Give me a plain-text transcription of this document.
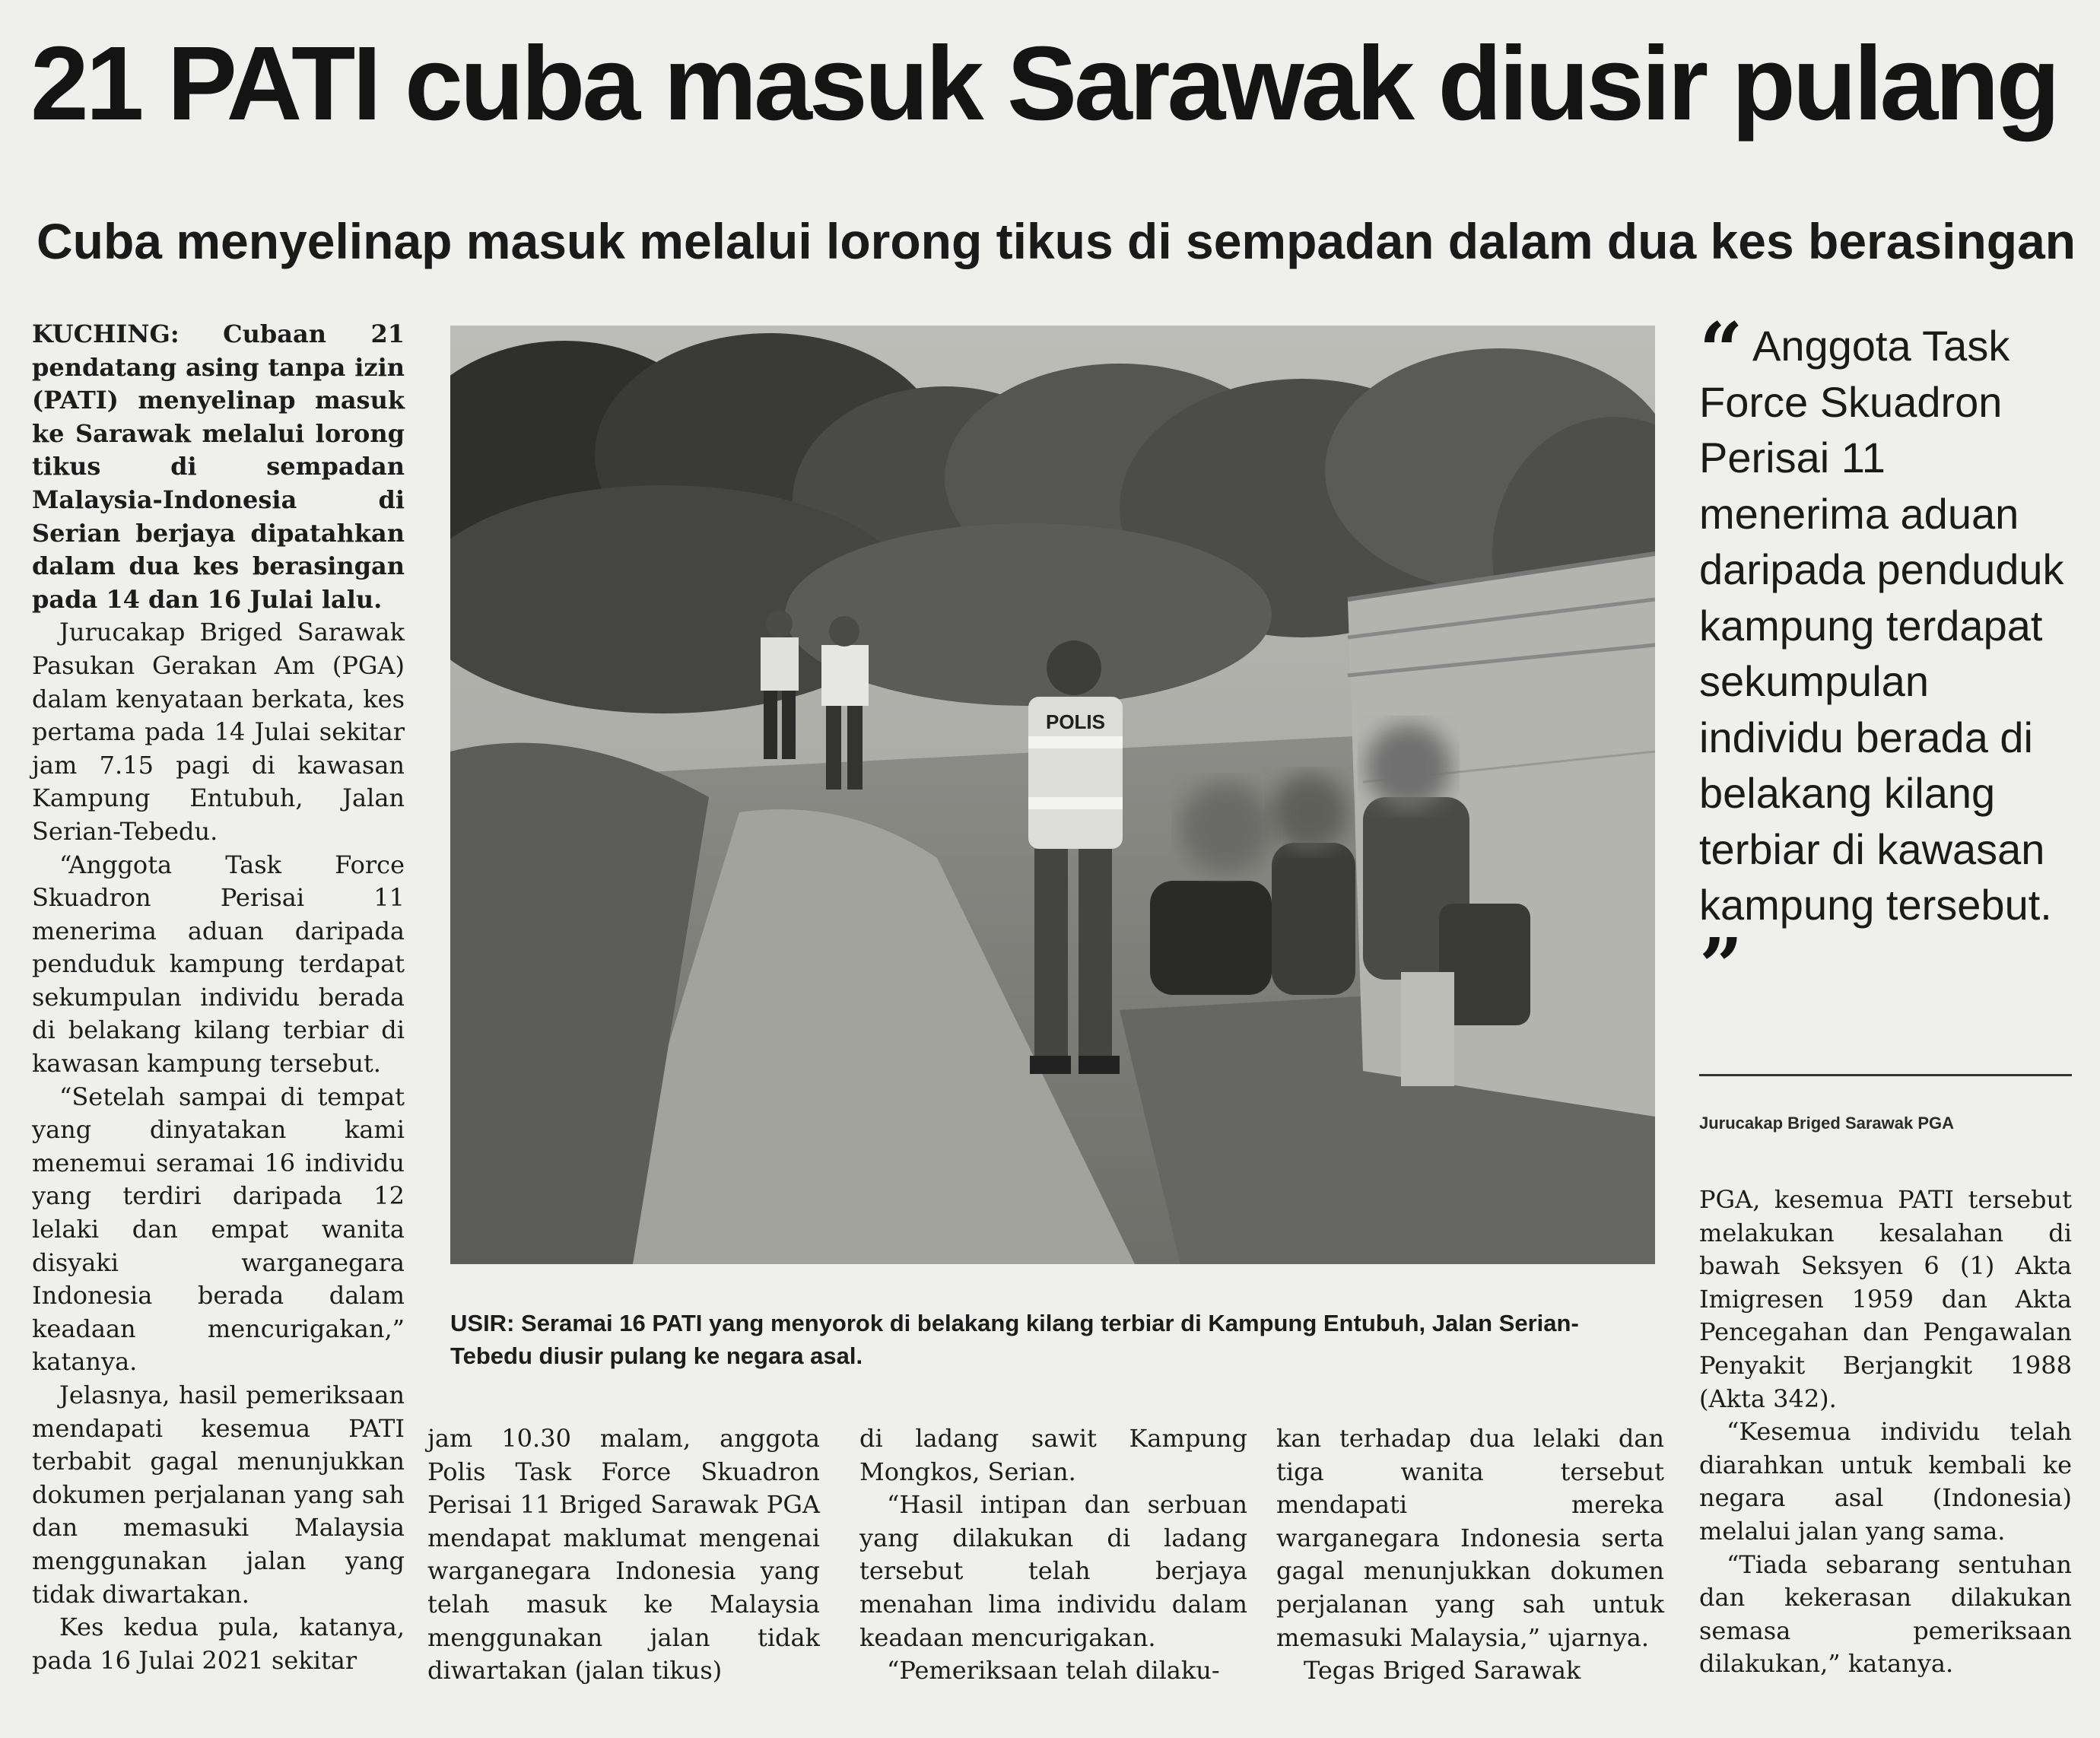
21 PATI cuba masuk Sarawak diusir pulang
Cuba menyelinap masuk melalui lorong tikus di sempadan dalam dua kes berasingan

KUCHING: Cubaan 21 pendatang asing tanpa izin (PATI) menyelinap masuk ke Sarawak melalui lorong tikus di sempadan Malaysia-Indonesia di Serian berjaya dipatahkan dalam dua kes berasingan pada 14 dan 16 Julai lalu.

Jurucakap Briged Sarawak Pasukan Gerakan Am (PGA) dalam kenyataan berkata, kes pertama pada 14 Julai sekitar jam 7.15 pagi di kawasan Kampung Entubuh, Jalan Serian-Tebedu.

“Anggota Task Force Skuadron Perisai 11 menerima aduan daripada penduduk kampung terdapat sekumpulan individu berada di belakang kilang terbiar di kawasan kampung tersebut.

“Setelah sampai di tempat yang dinyatakan kami menemui seramai 16 individu yang terdiri daripada 12 lelaki dan empat wanita disyaki warganegara Indonesia berada dalam keadaan mencurigakan,” katanya.

Jelasnya, hasil pemeriksaan mendapati kesemua PATI terbabit gagal menunjukkan dokumen perjalanan yang sah dan memasuki Malaysia menggunakan jalan yang tidak diwartakan.

Kes kedua pula, katanya, pada 16 Julai 2021 sekitar

POLIS

USIR: Seramai 16 PATI yang menyorok di belakang kilang terbiar di Kampung Entubuh, Jalan Serian-Tebedu diusir pulang ke negara asal.

jam 10.30 malam, anggota Polis Task Force Skuadron Perisai 11 Briged Sarawak PGA mendapat maklumat mengenai warganegara Indonesia yang telah masuk ke Malaysia menggunakan jalan tidak diwartakan (jalan tikus)

di ladang sawit Kampung Mongkos, Serian.

“Hasil intipan dan serbuan yang dilakukan di ladang tersebut telah berjaya menahan lima individu dalam keadaan mencurigakan.

“Pemeriksaan telah dilaku-

kan terhadap dua lelaki dan tiga wanita tersebut mendapati mereka warganegara Indonesia serta gagal menunjukkan dokumen perjalanan yang sah untuk memasuki Malaysia,” ujarnya.

Tegas Briged Sarawak

“ Anggota Task Force Skuadron Perisai 11 menerima aduan daripada penduduk kampung terdapat sekumpulan individu berada di belakang kilang terbiar di kawasan kampung tersebut. ”

Jurucakap Briged Sarawak PGA

PGA, kesemua PATI tersebut melakukan kesalahan di bawah Seksyen 6 (1) Akta Imigresen 1959 dan Akta Pencegahan dan Pengawalan Penyakit Berjangkit 1988 (Akta 342).

“Kesemua individu telah diarahkan untuk kembali ke negara asal (Indonesia) melalui jalan yang sama.

“Tiada sebarang sentuhan dan kekerasan dilakukan semasa pemeriksaan dilakukan,” katanya.
